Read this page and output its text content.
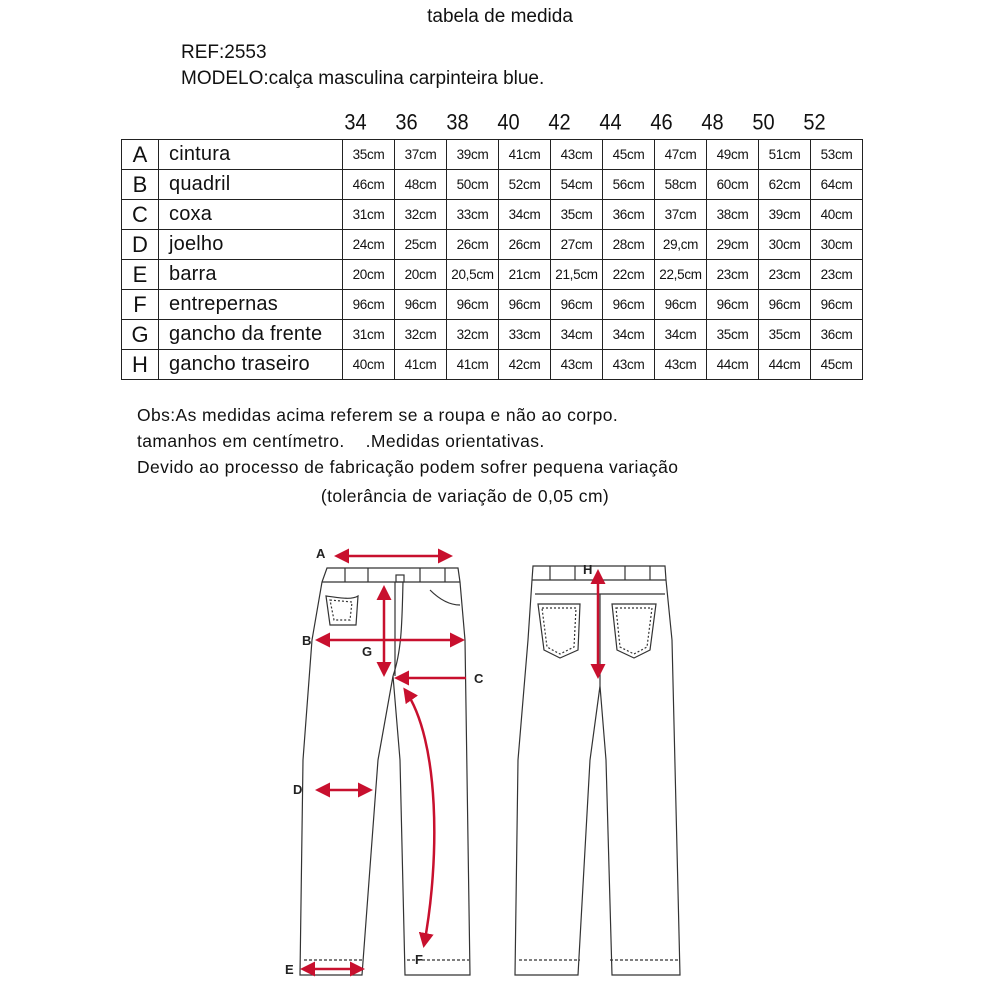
tabela de medida
REF:2553
MODELO:calça masculina carpinteira blue.
34	36	38	40	42	44	46	48	50	52
A	cintura	35cm	37cm	39cm	41cm	43cm	45cm	47cm	49cm	51cm	53cm
B	quadril	46cm	48cm	50cm	52cm	54cm	56cm	58cm	60cm	62cm	64cm
C	coxa	31cm	32cm	33cm	34cm	35cm	36cm	37cm	38cm	39cm	40cm
D	joelho	24cm	25cm	26cm	26cm	27cm	28cm	29,cm	29cm	30cm	30cm
E	barra	20cm	20cm	20,5cm	21cm	21,5cm	22cm	22,5cm	23cm	23cm	23cm
F	entrepernas	96cm	96cm	96cm	96cm	96cm	96cm	96cm	96cm	96cm	96cm
G	gancho da frente	31cm	32cm	32cm	33cm	34cm	34cm	34cm	35cm	35cm	36cm
H	gancho traseiro	40cm	41cm	41cm	42cm	43cm	43cm	43cm	44cm	44cm	45cm
Obs:As medidas acima referem se a roupa e não ao corpo.
tamanhos em centímetro.    .Medidas orientativas.
Devido ao processo de fabricação podem sofrer pequena variação
(tolerância de variação de 0,05 cm)
A
B
G
C
D
F
E
H
